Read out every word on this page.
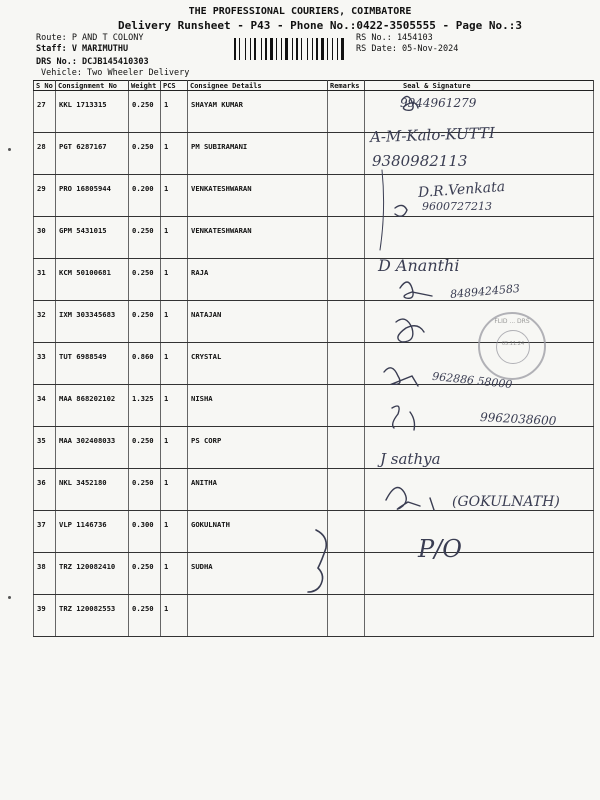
THE PROFESSIONAL COURIERS, COIMBATORE
Delivery Runsheet - P43 - Phone No.:0422-3505555 - Page No.:3
Route: P AND T COLONY
Staff: V MARIMUTHU
DRS No.: DCJB145410303
Vehicle: Two Wheeler Delivery
RS No.: 1454103
RS Date: 05-Nov-2024
S No	Consignment No	Weight	PCS	Consignee Details	Remarks	Seal & Signature
27	KKL 1713315	0.250	1	SHAYAM KUMAR		
28	PGT 6287167	0.250	1	PM SUBIRAMANI		
29	PRO 16805944	0.200	1	VENKATESHWARAN		
30	GPM 5431015	0.250	1	VENKATESHWARAN		
31	KCM 50100681	0.250	1	RAJA		
32	IXM 303345683	0.250	1	NATAJAN		
33	TUT 6988549	0.860	1	CRYSTAL		
34	MAA 868202102	1.325	1	NISHA		
35	MAA 302408033	0.250	1	PS CORP		
36	NKL 3452180	0.250	1	ANITHA		
37	VLP 1146736	0.300	1	GOKULNATH		
38	TRZ 120082410	0.250	1	SUDHA		
39	TRZ 120082553	0.250	1			
9944961279
A-M-Kalo-KUTTI
9380982113
D.R.Venkata
9600727213
D Ananthi
8489424583
962886 58000
9962038600
J sathya
(GOKULNATH)
P/O
FLID ... DRS
05.11.24
